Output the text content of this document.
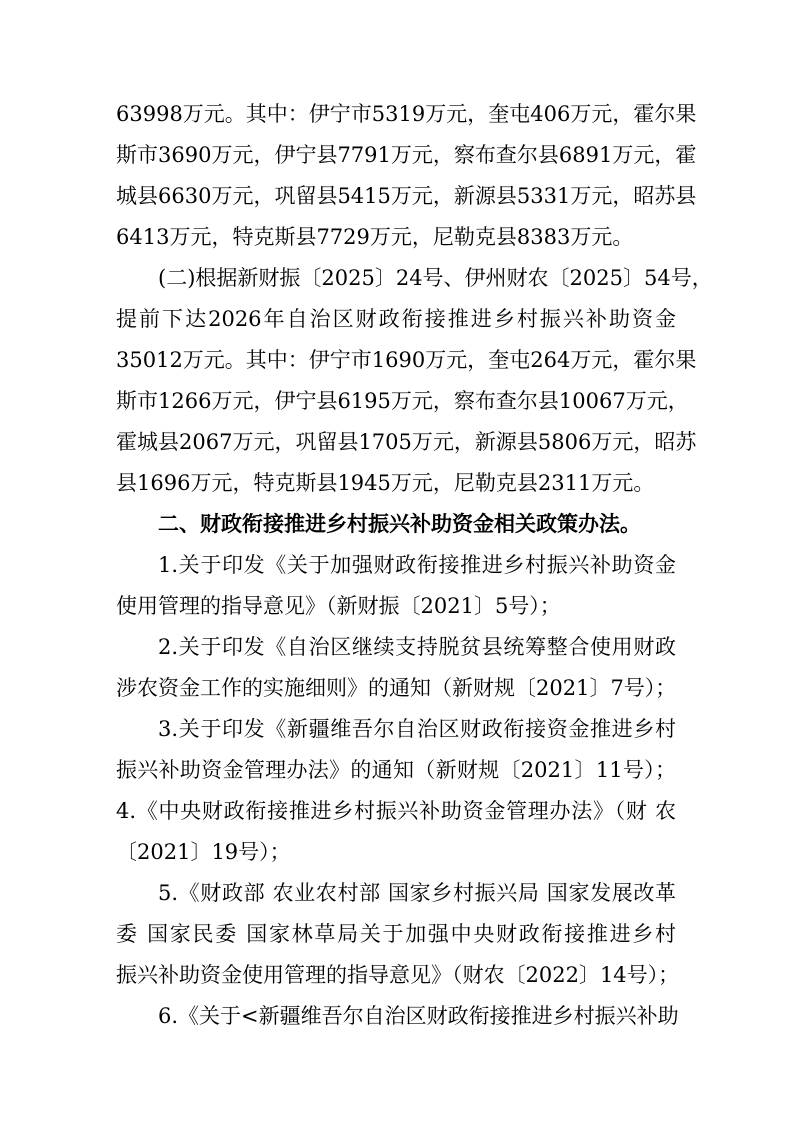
63998万元。其中：伊宁市5319万元，奎屯406万元，霍尔果
斯市3690万元，伊宁县7791万元，察布查尔县6891万元，霍
城县6630万元，巩留县5415万元，新源县5331万元，昭苏县
6413万元，特克斯县7729万元，尼勒克县8383万元。
(二)根据新财振〔2025〕24号、伊州财农〔2025〕54号，
提前下达2026年自治区财政衔接推进乡村振兴补助资金
35012万元。其中：伊宁市1690万元，奎屯264万元，霍尔果
斯市1266万元，伊宁县6195万元，察布查尔县10067万元，
霍城县2067万元，巩留县1705万元，新源县5806万元，昭苏
县1696万元，特克斯县1945万元，尼勒克县2311万元。
二、财政衔接推进乡村振兴补助资金相关政策办法。
1.关于印发《关于加强财政衔接推进乡村振兴补助资金
使用管理的指导意见》（新财振〔2021〕5号）；
2.关于印发《自治区继续支持脱贫县统筹整合使用财政
涉农资金工作的实施细则》的通知（新财规〔2021〕7号）；
3.关于印发《新疆维吾尔自治区财政衔接资金推进乡村
振兴补助资金管理办法》的通知（新财规〔2021〕11号）；
4.《中央财政衔接推进乡村振兴补助资金管理办法》（财 农
〔2021〕19号）；
5.《财政部 农业农村部 国家乡村振兴局 国家发展改革
委 国家民委 国家林草局关于加强中央财政衔接推进乡村
振兴补助资金使用管理的指导意见》（财农〔2022〕14号）；
6.《关于<新疆维吾尔自治区财政衔接推进乡村振兴补助
